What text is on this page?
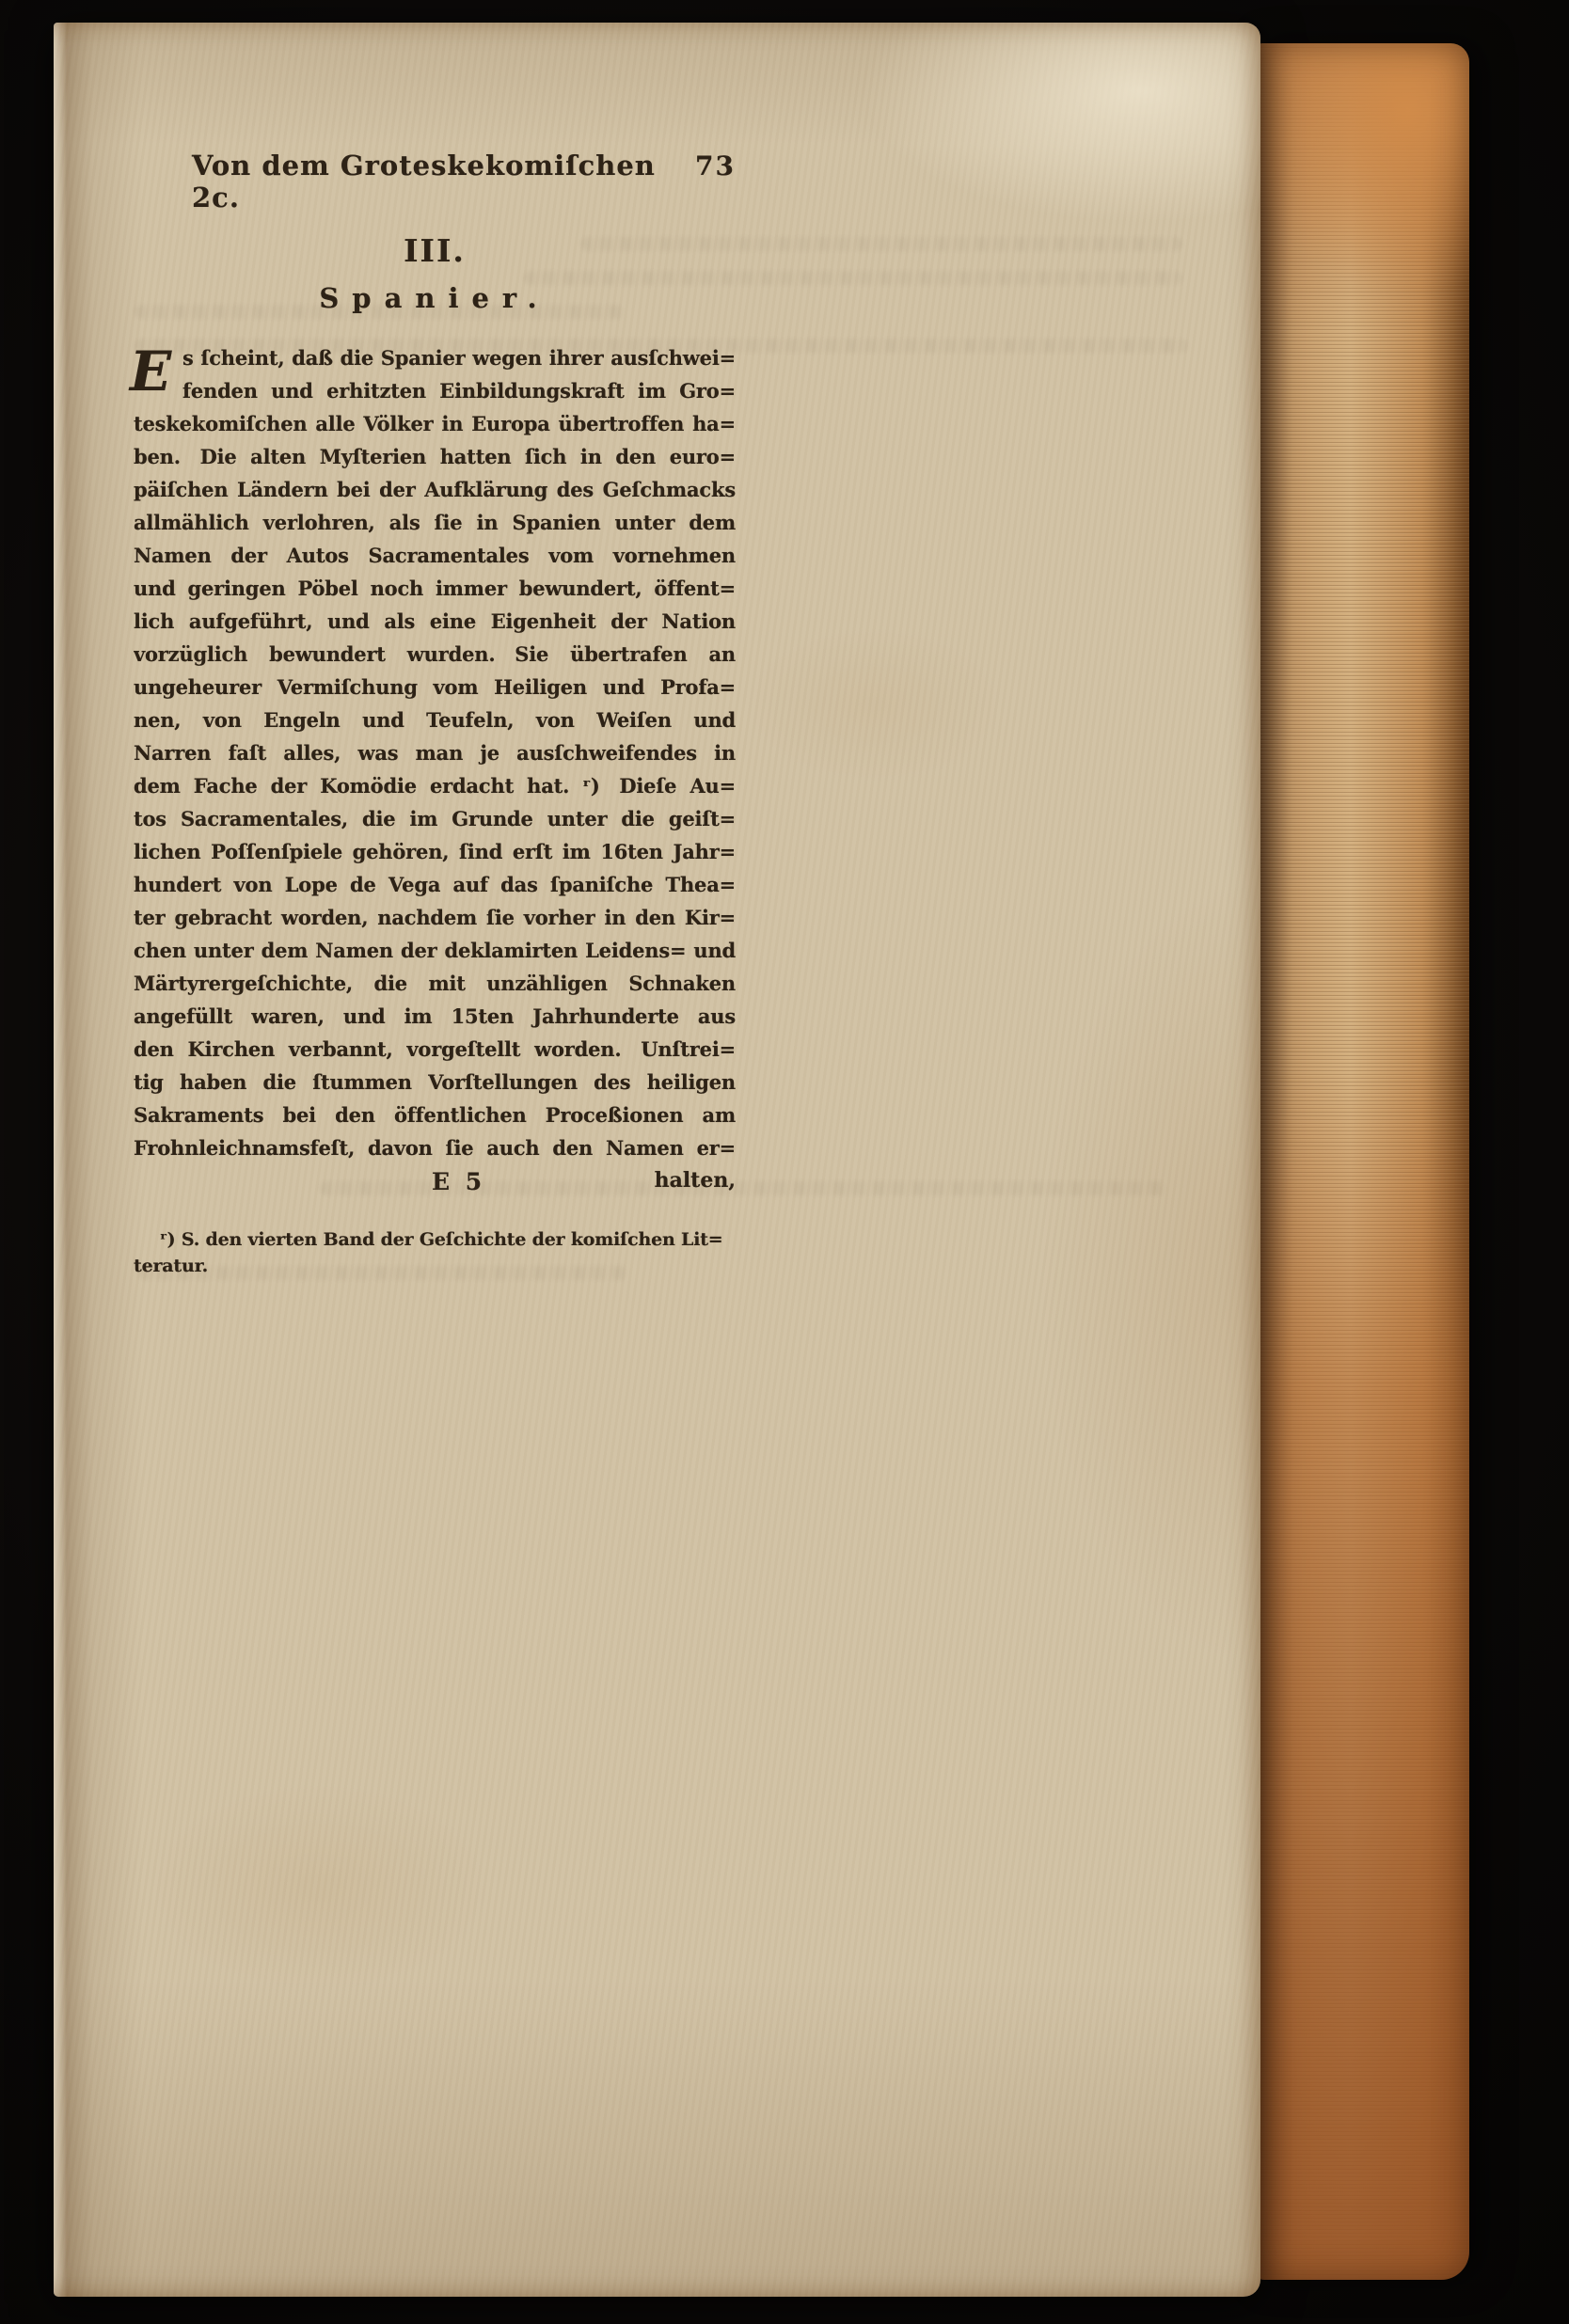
Von dem Groteskekomiſchen 2c.
73
III.
Spanier.
E s ſcheint, daß die Spanier wegen ihrer ausſchwei=
fenden und erhitzten Einbildungskraft im Gro=
teskekomiſchen alle Völker in Europa übertroffen ha=
ben. Die alten Myſterien hatten ſich in den euro=
päiſchen Ländern bei der Aufklärung des Geſchmacks
allmählich verlohren, als ſie in Spanien unter dem
Namen der Autos Sacramentales vom vornehmen
und geringen Pöbel noch immer bewundert, öffent=
lich aufgeführt, und als eine Eigenheit der Nation
vorzüglich bewundert wurden. Sie übertrafen an
ungeheurer Vermiſchung vom Heiligen und Profa=
nen, von Engeln und Teufeln, von Weiſen und
Narren faſt alles, was man je ausſchweifendes in
dem Fache der Komödie erdacht hat. ʳ) Dieſe Au=
tos Sacramentales, die im Grunde unter die geiſt=
lichen Poſſenſpiele gehören, ſind erſt im 16ten Jahr=
hundert von Lope de Vega auf das ſpaniſche Thea=
ter gebracht worden, nachdem ſie vorher in den Kir=
chen unter dem Namen der deklamirten Leidens= und
Märtyrergeſchichte, die mit unzähligen Schnaken
angefüllt waren, und im 15ten Jahrhunderte aus
den Kirchen verbannt, vorgeſtellt worden. Unſtrei=
tig haben die ſtummen Vorſtellungen des heiligen
Sakraments bei den öffentlichen Proceßionen am
Frohnleichnamsfeſt, davon ſie auch den Namen er=
E 5	halten,
ʳ) S. den vierten Band der Geſchichte der komiſchen Lit=
teratur.
